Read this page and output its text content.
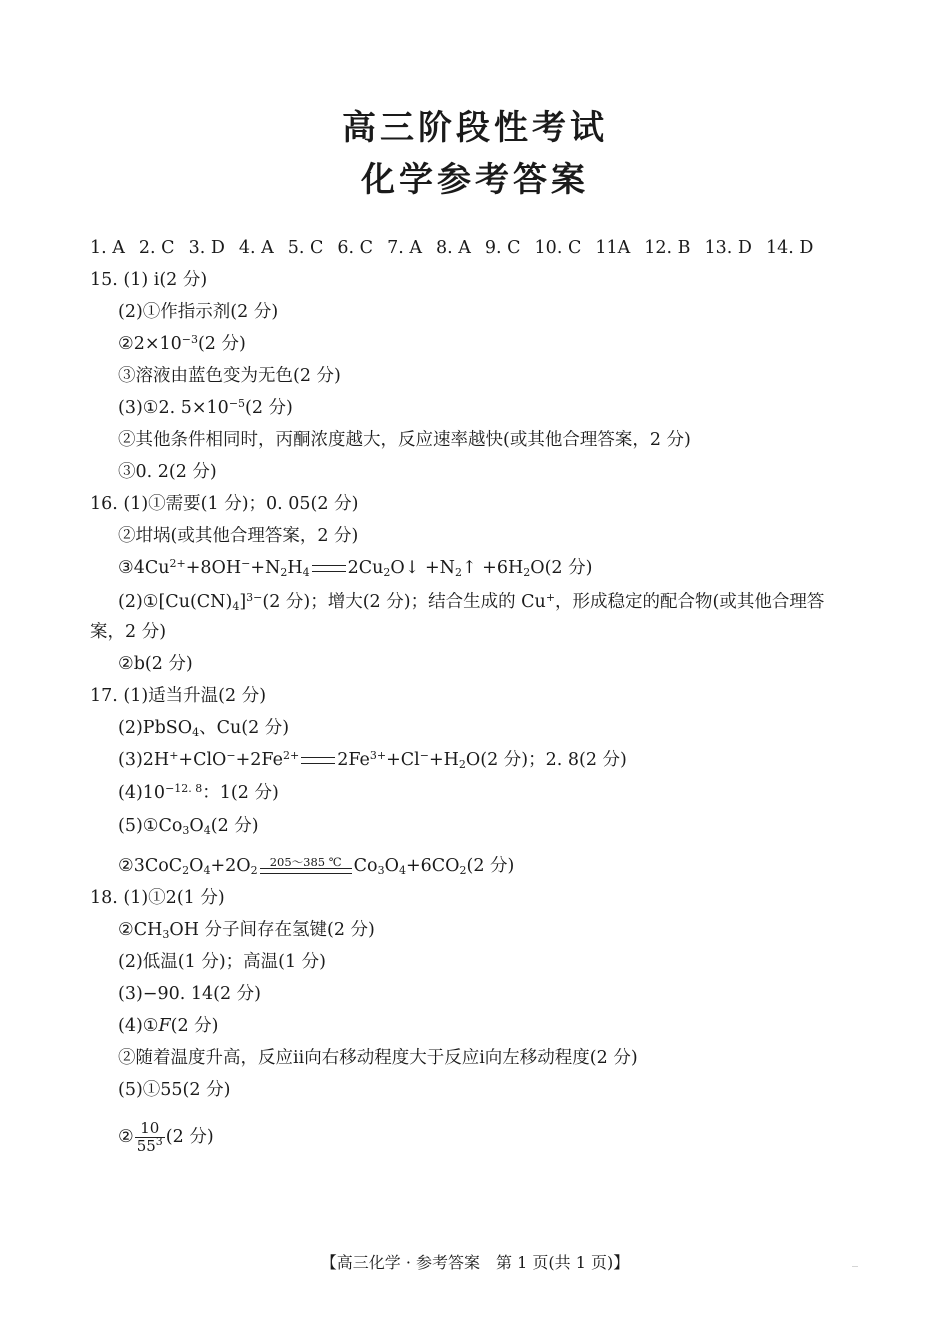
高三阶段性考试
化学参考答案
1. A 2. C 3. D 4. A 5. C 6. C 7. A 8. A 9. C 10. C 11A 12. B 13. D 14. D
15. (1) ⅰ(2 分)
(2)①作指示剂(2 分)
$②2\times 10^{-3}(2$ 分)
③溶液由蓝色变为无色(2 分)
(3)①2. $5\times 10^{-5}(2$ 分)
②其他条件相同时，丙酮浓度越大，反应速率越快(或其他合理答案，2 分)
③0. 2(2 分)
16. (1)①需要(1 分)；0. 05(2 分)
②坩埚(或其他合理答案，2 分)
$③4Cu^{2+}+8OH^-+N_2H_4$ $2Cu_2O↓$ $+N_2↑ +6H_2O(2$ 分)
$(2)①[Cu(CN)_4]^{3-}(2$ 分)；增大(2 分)；结合生成的 Cu+，形成稳定的配合物(或其他合理答
案，2 分)
②b(2 分)
17. (1)适当升温(2 分)
(2)PbSO$_4$、Cu(2 分)
$(3)2H^++ClO^-+2Fe^{2+}$ $2Fe^{3+}+Cl^-+H_2O(2$ 分)；2. 8(2 分)
$(4)10^{-12. 8}$：1(2 分)
$(5)①Co_3O_4(2$ 分)
$②3CoC_2O_4+2O_2$
205～385 ℃ $Co_3O_4+6CO_2(2$ 分)
18. (1)①2(1 分)
$②CH_3OH$ 分子间存在氢键(2 分)
(2)低温(1 分)；高温(1 分)
(3)−90. 14(2 分)
(4)①F(2 分)
②随着温度升高，反应ⅱ向右移动程度大于反应ⅰ向左移动程度(2 分)
(5)①55(2 分)
② $\frac{10}{55^3} (2$ 分)
【高三化学 · 参考答案　第 1 页(共 1 页)】	…
